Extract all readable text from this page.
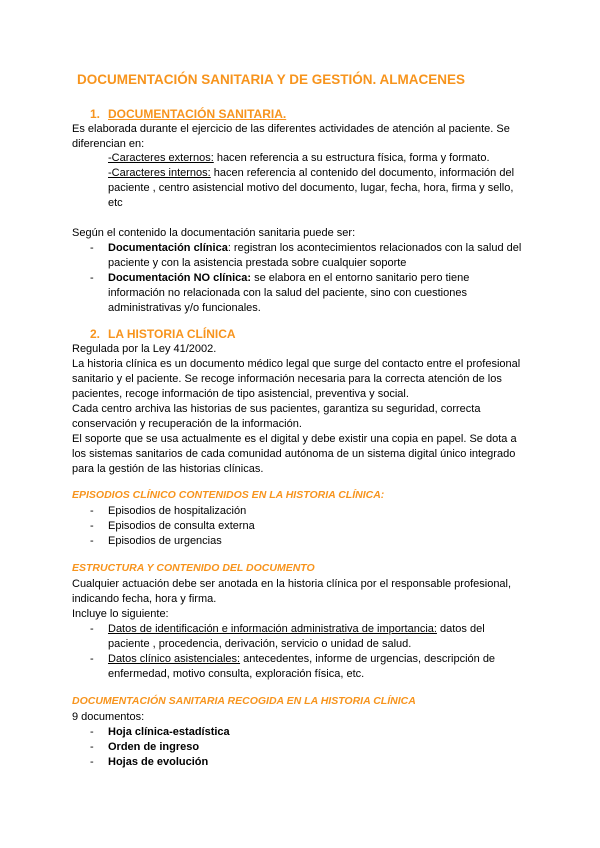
DOCUMENTACIÓN SANITARIA Y DE GESTIÓN. ALMACENES
1. DOCUMENTACIÓN SANITARIA.
Es elaborada durante el ejercicio de las diferentes actividades de atención al paciente. Se
diferencian en:
-Caracteres externos: hacen referencia a su estructura física, forma y formato.
-Caracteres internos: hacen referencia al contenido del documento, información del
paciente , centro asistencial motivo del documento, lugar, fecha, hora, firma y sello,
etc
Según el contenido la documentación sanitaria puede ser:
- Documentación clínica: registran los acontecimientos relacionados con la salud del
paciente y con la asistencia prestada sobre cualquier soporte
- Documentación NO clínica: se elabora en el entorno sanitario pero tiene
información no relacionada con la salud del paciente, sino con cuestiones
administrativas y/o funcionales.
2. LA HISTORIA CLÍNICA
Regulada por la Ley 41/2002.
La historia clínica es un documento médico legal que surge del contacto entre el profesional
sanitario y el paciente. Se recoge información necesaria para la correcta atención de los
pacientes, recoge información de tipo asistencial, preventiva y social.
Cada centro archiva las historias de sus pacientes, garantiza su seguridad, correcta
conservación y recuperación de la información.
El soporte que se usa actualmente es el digital y debe existir una copia en papel. Se dota a
los sistemas sanitarios de cada comunidad autónoma de un sistema digital único integrado
para la gestión de las historias clínicas.
EPISODIOS CLÍNICO CONTENIDOS EN LA HISTORIA CLÍNICA:
- Episodios de hospitalización
- Episodios de consulta externa
- Episodios de urgencias
ESTRUCTURA Y CONTENIDO DEL DOCUMENTO
Cualquier actuación debe ser anotada en la historia clínica por el responsable profesional,
indicando fecha, hora y firma.
Incluye lo siguiente:
- Datos de identificación e información administrativa de importancia: datos del
paciente , procedencia, derivación, servicio o unidad de salud.
- Datos clínico asistenciales: antecedentes, informe de urgencias, descripción de
enfermedad, motivo consulta, exploración física, etc.
DOCUMENTACIÓN SANITARIA RECOGIDA EN LA HISTORIA CLÍNICA
9 documentos:
- Hoja clínica-estadística
- Orden de ingreso
- Hojas de evolución
